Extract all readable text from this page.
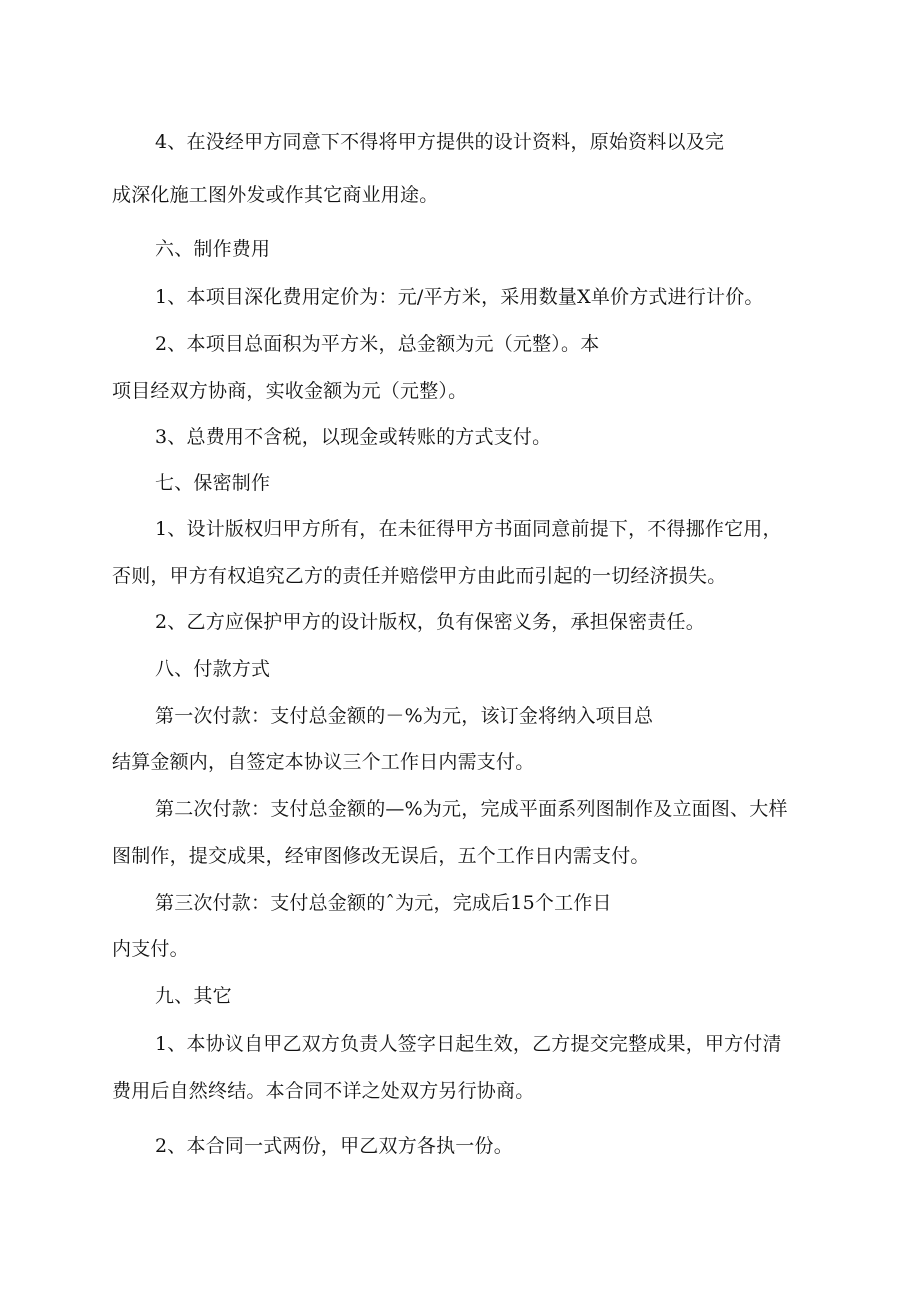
4、在没经甲方同意下不得将甲方提供的设计资料，原始资料以及完
成深化施工图外发或作其它商业用途。
六、制作费用
1、本项目深化费用定价为：元/平方米，采用数量X单价方式进行计价。
2、本项目总面积为平方米，总金额为元（元整）。本
项目经双方协商，实收金额为元（元整）。
3、总费用不含税，以现金或转账的方式支付。
七、保密制作
1、设计版权归甲方所有，在未征得甲方书面同意前提下，不得挪作它用，
否则，甲方有权追究乙方的责任并赔偿甲方由此而引起的一切经济损失。
2、乙方应保护甲方的设计版权，负有保密义务，承担保密责任。
八、付款方式
第一次付款：支付总金额的－%为元，该订金将纳入项目总
结算金额内，自签定本协议三个工作日内需支付。
第二次付款：支付总金额的—%为元，完成平面系列图制作及立面图、大样
图制作，提交成果，经审图修改无误后，五个工作日内需支付。
第三次付款：支付总金额的ˆ为元，完成后15个工作日
内支付。
九、其它
1、本协议自甲乙双方负责人签字日起生效，乙方提交完整成果，甲方付清
费用后自然终结。本合同不详之处双方另行协商。
2、本合同一式两份，甲乙双方各执一份。
